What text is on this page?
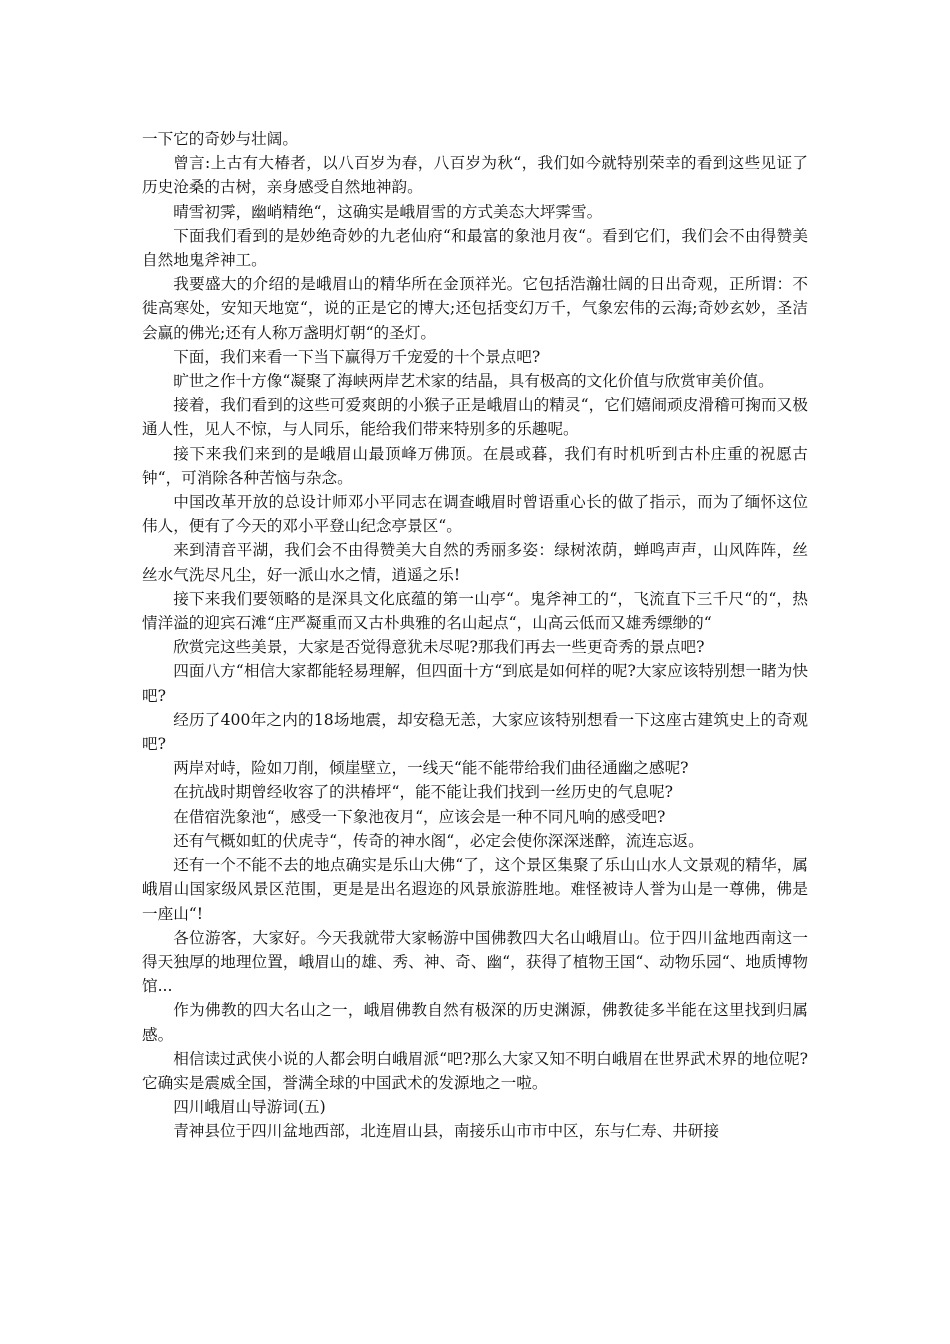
一下它的奇妙与壮阔。

曾言:上古有大椿者，以八百岁为春，八百岁为秋“，我们如今就特别荣幸的看到这些见证了历史沧桑的古树，亲身感受自然地神韵。

晴雪初霁，幽峭精绝“，这确实是峨眉雪的方式美态大坪霁雪。

下面我们看到的是妙绝奇妙的九老仙府“和最富的象池月夜“。看到它们，我们会不由得赞美自然地鬼斧神工。

我要盛大的介绍的是峨眉山的精华所在金顶祥光。它包括浩瀚壮阔的日出奇观，正所谓：不徙高寒处，安知天地宽“，说的正是它的博大;还包括变幻万千，气象宏伟的云海;奇妙玄妙，圣洁会赢的佛光;还有人称万盏明灯朝“的圣灯。

下面，我们来看一下当下赢得万千宠爱的十个景点吧?

旷世之作十方像“凝聚了海峡两岸艺术家的结晶，具有极高的文化价值与欣赏审美价值。

接着，我们看到的这些可爱爽朗的小猴子正是峨眉山的精灵“，它们嬉闹顽皮滑稽可掬而又极通人性，见人不惊，与人同乐，能给我们带来特别多的乐趣呢。

接下来我们来到的是峨眉山最顶峰万佛顶。在晨或暮，我们有时机听到古朴庄重的祝愿古钟“，可消除各种苦恼与杂念。

中国改革开放的总设计师邓小平同志在调查峨眉时曾语重心长的做了指示，而为了缅怀这位伟人，便有了今天的邓小平登山纪念亭景区“。

来到清音平湖，我们会不由得赞美大自然的秀丽多姿：绿树浓荫，蝉鸣声声，山风阵阵，丝丝水气洗尽凡尘，好一派山水之情，逍遥之乐!

接下来我们要领略的是深具文化底蕴的第一山亭“。鬼斧神工的“，飞流直下三千尺“的“，热情洋溢的迎宾石滩“庄严凝重而又古朴典雅的名山起点“，山高云低而又雄秀缥缈的“

欣赏完这些美景，大家是否觉得意犹未尽呢?那我们再去一些更奇秀的景点吧?

四面八方“相信大家都能轻易理解，但四面十方“到底是如何样的呢?大家应该特别想一睹为快吧?

经历了400年之内的18场地震，却安稳无恙，大家应该特别想看一下这座古建筑史上的奇观吧?

两岸对峙，险如刀削，倾崖壁立，一线天“能不能带给我们曲径通幽之感呢?

在抗战时期曾经收容了的洪椿坪“，能不能让我们找到一丝历史的气息呢?

在借宿洗象池“，感受一下象池夜月“，应该会是一种不同凡响的感受吧?

还有气概如虹的伏虎寺“，传奇的神水阁“，必定会使你深深迷醉，流连忘返。

还有一个不能不去的地点确实是乐山大佛“了，这个景区集聚了乐山山水人文景观的精华，属峨眉山国家级风景区范围，更是是出名遐迩的风景旅游胜地。难怪被诗人誉为山是一尊佛，佛是一座山“!

各位游客，大家好。今天我就带大家畅游中国佛教四大名山峨眉山。位于四川盆地西南这一得天独厚的地理位置，峨眉山的雄、秀、神、奇、幽“，获得了植物王国“、动物乐园“、地质博物馆...

作为佛教的四大名山之一，峨眉佛教自然有极深的历史渊源，佛教徒多半能在这里找到归属感。

相信读过武侠小说的人都会明白峨眉派“吧?那么大家又知不明白峨眉在世界武术界的地位呢?它确实是震威全国，誉满全球的中国武术的发源地之一啦。

四川峨眉山导游词(五)

青神县位于四川盆地西部，北连眉山县，南接乐山市市中区，东与仁寿、井研接
